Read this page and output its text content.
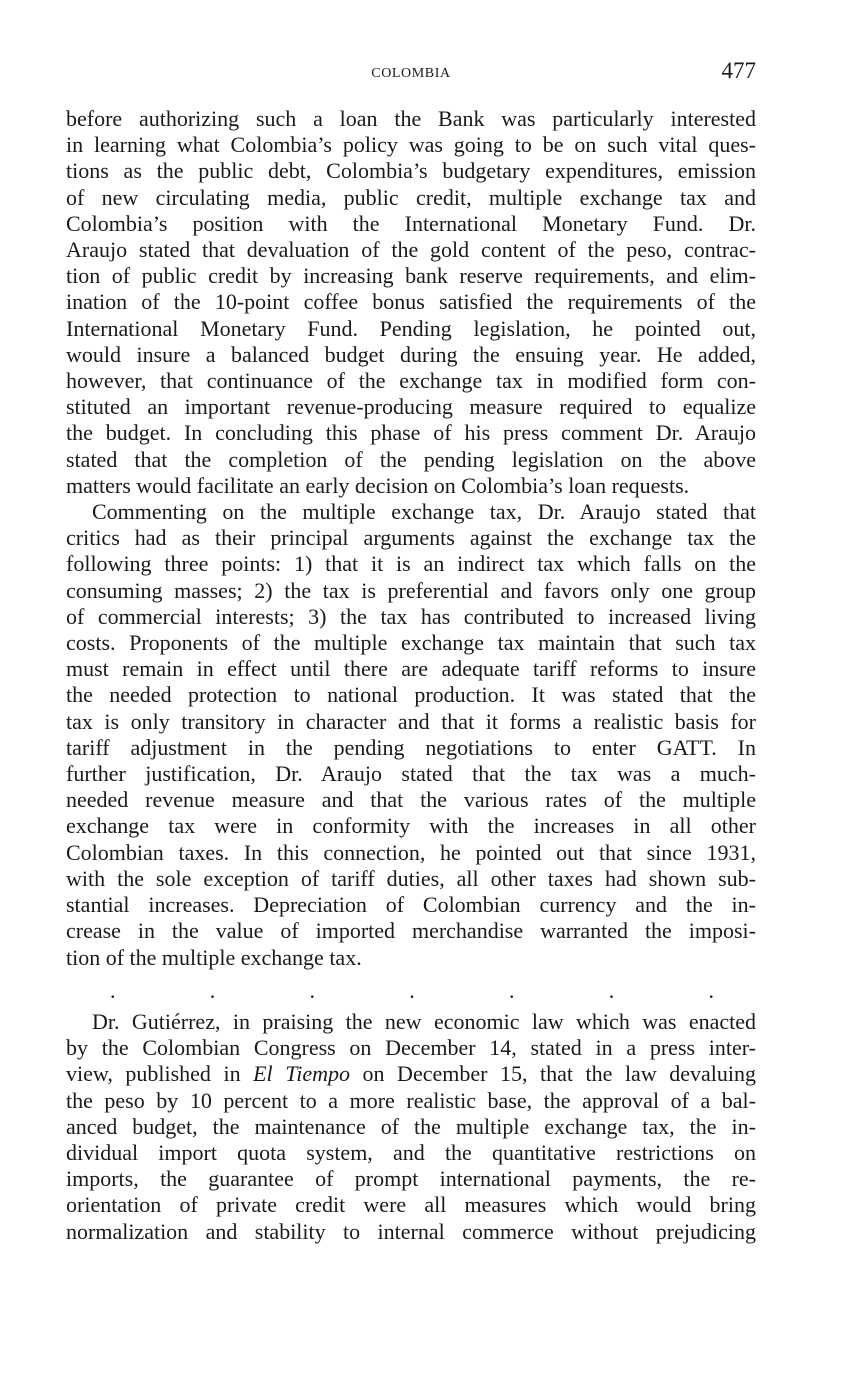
COLOMBIA	477
before authorizing such a loan the Bank was particularly interested
in learning what Colombia’s policy was going to be on such vital ques-
tions as the public debt, Colombia’s budgetary expenditures, emission
of new circulating media, public credit, multiple exchange tax and
Colombia’s position with the International Monetary Fund. Dr.
Araujo stated that devaluation of the gold content of the peso, contrac-
tion of public credit by increasing bank reserve requirements, and elim-
ination of the 10-point coffee bonus satisfied the requirements of the
International Monetary Fund. Pending legislation, he pointed out,
would insure a balanced budget during the ensuing year. He added,
however, that continuance of the exchange tax in modified form con-
stituted an important revenue-producing measure required to equalize
the budget. In concluding this phase of his press comment Dr. Araujo
stated that the completion of the pending legislation on the above
matters would facilitate an early decision on Colombia’s loan requests.
Commenting on the multiple exchange tax, Dr. Araujo stated that
critics had as their principal arguments against the exchange tax the
following three points: 1) that it is an indirect tax which falls on the
consuming masses; 2) the tax is preferential and favors only one group
of commercial interests; 3) the tax has contributed to increased living
costs. Proponents of the multiple exchange tax maintain that such tax
must remain in effect until there are adequate tariff reforms to insure
the needed protection to national production. It was stated that the
tax is only transitory in character and that it forms a realistic basis for
tariff adjustment in the pending negotiations to enter GATT. In
further justification, Dr. Araujo stated that the tax was a much-
needed revenue measure and that the various rates of the multiple
exchange tax were in conformity with the increases in all other
Colombian taxes. In this connection, he pointed out that since 1931,
with the sole exception of tariff duties, all other taxes had shown sub-
stantial increases. Depreciation of Colombian currency and the in-
crease in the value of imported merchandise warranted the imposi-
tion of the multiple exchange tax.
.	.	.	.	.	.	.
Dr. Gutiérrez, in praising the new economic law which was enacted
by the Colombian Congress on December 14, stated in a press inter-
view, published in El Tiempo on December 15, that the law devaluing
the peso by 10 percent to a more realistic base, the approval of a bal-
anced budget, the maintenance of the multiple exchange tax, the in-
dividual import quota system, and the quantitative restrictions on
imports, the guarantee of prompt international payments, the re-
orientation of private credit were all measures which would bring
normalization and stability to internal commerce without prejudicing
